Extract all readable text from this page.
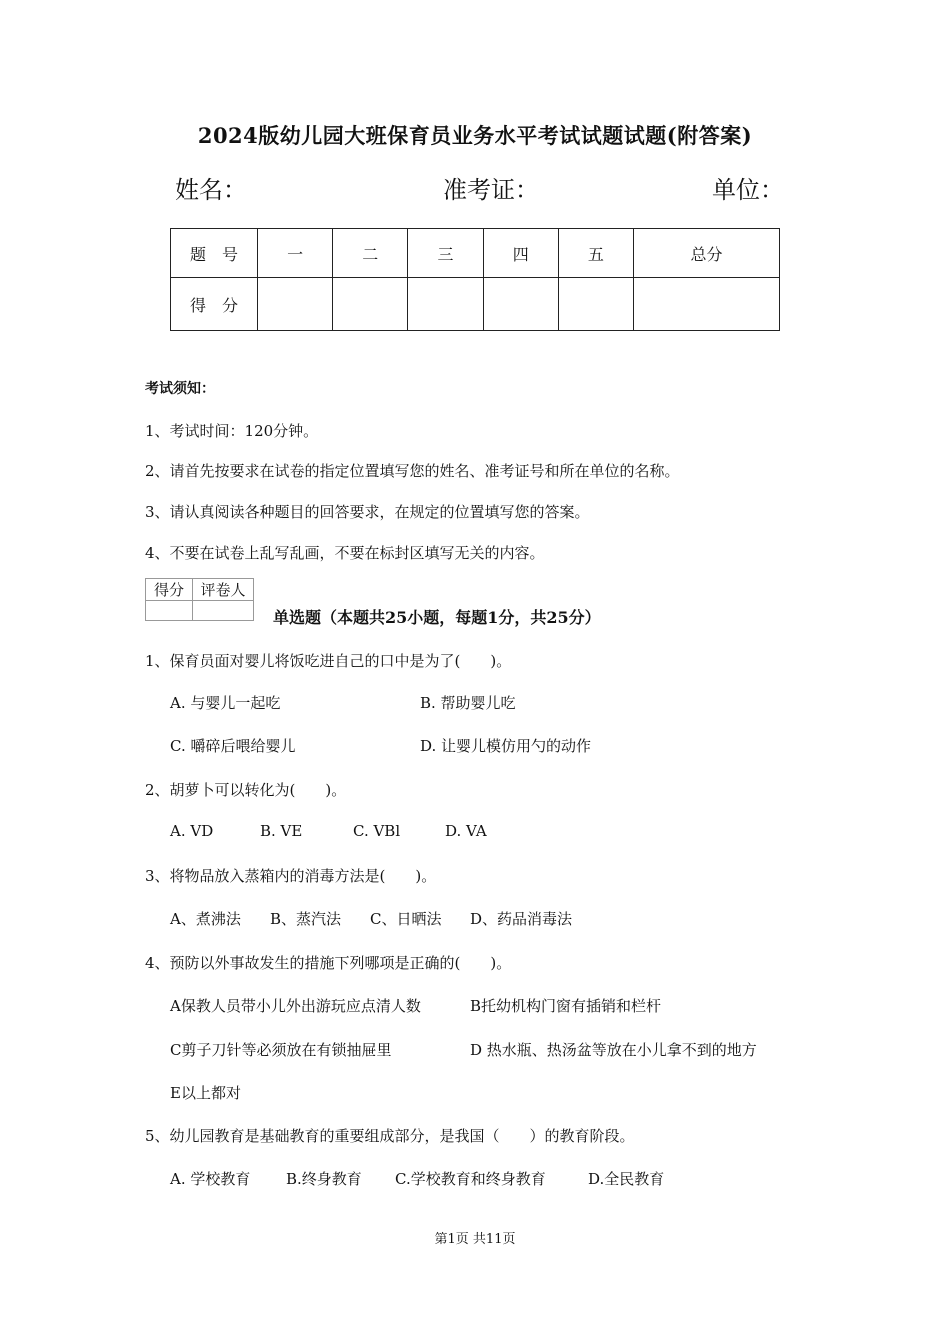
2024版幼儿园大班保育员业务水平考试试题试题(附答案)
姓名：	准考证：	单位：
题　号	一	二	三	四	五	总分
得　分						
考试须知：
1、考试时间：120分钟。
2、请首先按要求在试卷的指定位置填写您的姓名、准考证号和所在单位的名称。
3、请认真阅读各种题目的回答要求，在规定的位置填写您的答案。
4、不要在试卷上乱写乱画，不要在标封区填写无关的内容。
得分	评卷人

单选题（本题共25小题，每题1分，共25分）
1、保育员面对婴儿将饭吃进自己的口中是为了(　　)。
A. 与婴儿一起吃	B. 帮助婴儿吃
C. 嚼碎后喂给婴儿	D. 让婴儿模仿用勺的动作
2、胡萝卜可以转化为(　　)。
A. VD	B. VE	C. VBl	D. VA
3、将物品放入蒸箱内的消毒方法是(　　)。
A、煮沸法 B、蒸汽法 C、日晒法 D、药品消毒法
4、预防以外事故发生的措施下列哪项是正确的(　　)。
A保教人员带小儿外出游玩应点清人数	B托幼机构门窗有插销和栏杆
C剪子刀针等必须放在有锁抽屉里	D 热水瓶、热汤盆等放在小儿拿不到的地方
E以上都对
5、幼儿园教育是基础教育的重要组成部分，是我国（　　）的教育阶段。
A. 学校教育 B.终身教育 C.学校教育和终身教育	D.全民教育
第1页 共11页
